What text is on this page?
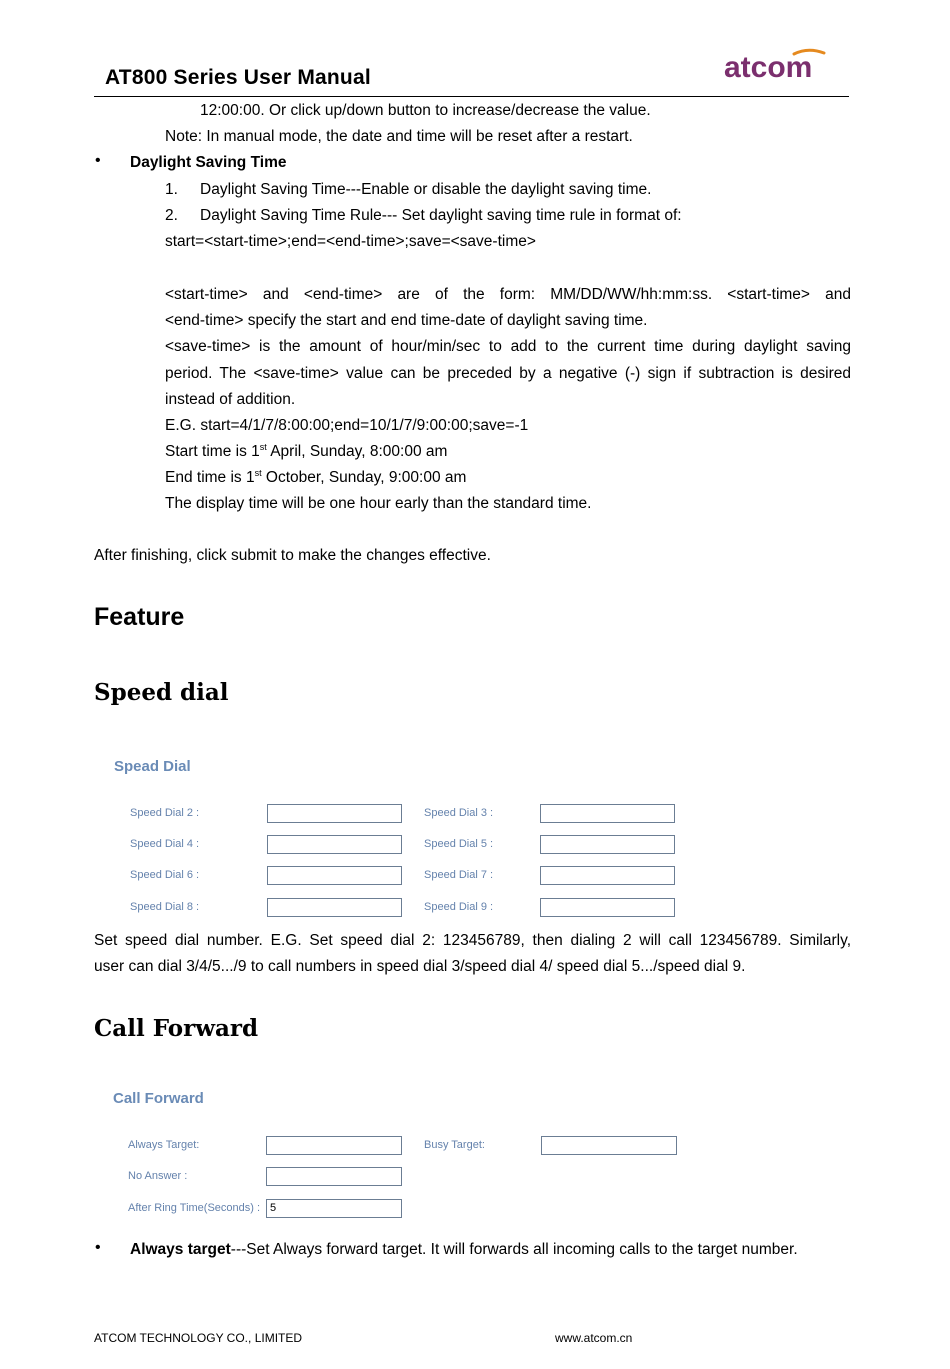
AT800 Series User Manual	atcom
12:00:00. Or click up/down button to increase/decrease the value.
Note: In manual mode, the date and time will be reset after a restart.
• Daylight Saving Time
1. Daylight Saving Time---Enable or disable the daylight saving time.
2. Daylight Saving Time Rule--- Set daylight saving time rule in format of:
start=<start-time>;end=<end-time>;save=<save-time>
<start-time> and <end-time> are of the form: MM/DD/WW/hh:mm:ss. <start-time> and
<end-time> specify the start and end time-date of daylight saving time.
<save-time> is the amount of hour/min/sec to add to the current time during daylight saving
period. The <save-time> value can be preceded by a negative (-) sign if subtraction is desired
instead of addition.
E.G. start=4/1/7/8:00:00;end=10/1/7/9:00:00;save=-1
Start time is 1st April, Sunday, 8:00:00 am
End time is 1st October, Sunday, 9:00:00 am
The display time will be one hour early than the standard time.
After finishing, click submit to make the changes effective.
Feature
Speed dial
Spead Dial
Speed Dial 2 :	Speed Dial 3 :
Speed Dial 4 :	Speed Dial 5 :
Speed Dial 6 :	Speed Dial 7 :
Speed Dial 8 :	Speed Dial 9 :
Set speed dial number. E.G. Set speed dial 2: 123456789, then dialing 2 will call 123456789. Similarly,
user can dial 3/4/5.../9 to call numbers in speed dial 3/speed dial 4/ speed dial 5.../speed dial 9.
Call Forward
Call Forward
Always Target:	Busy Target:
No Answer :
After Ring Time(Seconds) : 5
• Always target---Set Always forward target. It will forwards all incoming calls to the target number.
ATCOM TECHNOLOGY CO., LIMITED	www.atcom.cn
